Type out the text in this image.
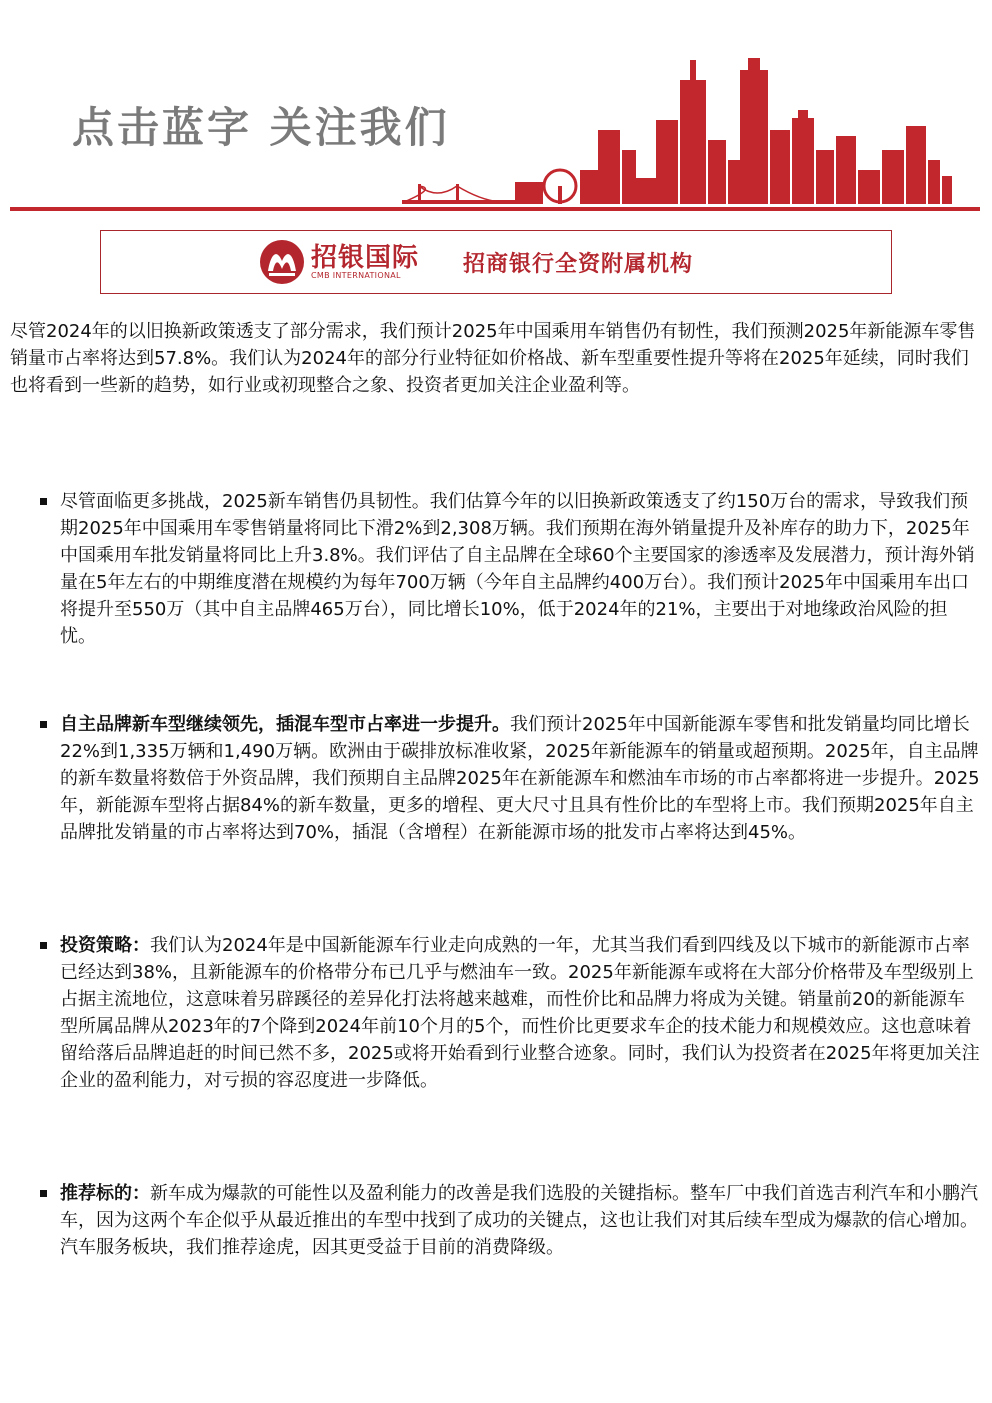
点击蓝字 关注我们
招银国际
CMB INTERNATIONAL	招商银行全资附属机构
尽管2024年的以旧换新政策透支了部分需求，我们预计2025年中国乘用车销售仍有韧性，我们预测2025年新能源车零售销量市占率将达到57.8%。我们认为2024年的部分行业特征如价格战、新车型重要性提升等将在2025年延续，同时我们也将看到一些新的趋势，如行业或初现整合之象、投资者更加关注企业盈利等。
尽管面临更多挑战，2025新车销售仍具韧性。我们估算今年的以旧换新政策透支了约150万台的需求，导致我们预期2025年中国乘用车零售销量将同比下滑2%到2,308万辆。我们预期在海外销量提升及补库存的助力下，2025年中国乘用车批发销量将同比上升3.8%。我们评估了自主品牌在全球60个主要国家的渗透率及发展潜力，预计海外销量在5年左右的中期维度潜在规模约为每年700万辆（今年自主品牌约400万台）。我们预计2025年中国乘用车出口将提升至550万（其中自主品牌465万台），同比增长10%，低于2024年的21%，主要出于对地缘政治风险的担忧。
自主品牌新车型继续领先，插混车型市占率进一步提升。我们预计2025年中国新能源车零售和批发销量均同比增长22%到1,335万辆和1,490万辆。欧洲由于碳排放标准收紧，2025年新能源车的销量或超预期。2025年，自主品牌的新车数量将数倍于外资品牌，我们预期自主品牌2025年在新能源车和燃油车市场的市占率都将进一步提升。2025年，新能源车型将占据84%的新车数量，更多的增程、更大尺寸且具有性价比的车型将上市。我们预期2025年自主品牌批发销量的市占率将达到70%，插混（含增程）在新能源市场的批发市占率将达到45%。
投资策略：我们认为2024年是中国新能源车行业走向成熟的一年，尤其当我们看到四线及以下城市的新能源市占率已经达到38%，且新能源车的价格带分布已几乎与燃油车一致。2025年新能源车或将在大部分价格带及车型级别上占据主流地位，这意味着另辟蹊径的差异化打法将越来越难，而性价比和品牌力将成为关键。销量前20的新能源车型所属品牌从2023年的7个降到2024年前10个月的5个，而性价比更要求车企的技术能力和规模效应。这也意味着留给落后品牌追赶的时间已然不多，2025或将开始看到行业整合迹象。同时，我们认为投资者在2025年将更加关注企业的盈利能力，对亏损的容忍度进一步降低。
推荐标的：新车成为爆款的可能性以及盈利能力的改善是我们选股的关键指标。整车厂中我们首选吉利汽车和小鹏汽车，因为这两个车企似乎从最近推出的车型中找到了成功的关键点，这也让我们对其后续车型成为爆款的信心增加。汽车服务板块，我们推荐途虎，因其更受益于目前的消费降级。
